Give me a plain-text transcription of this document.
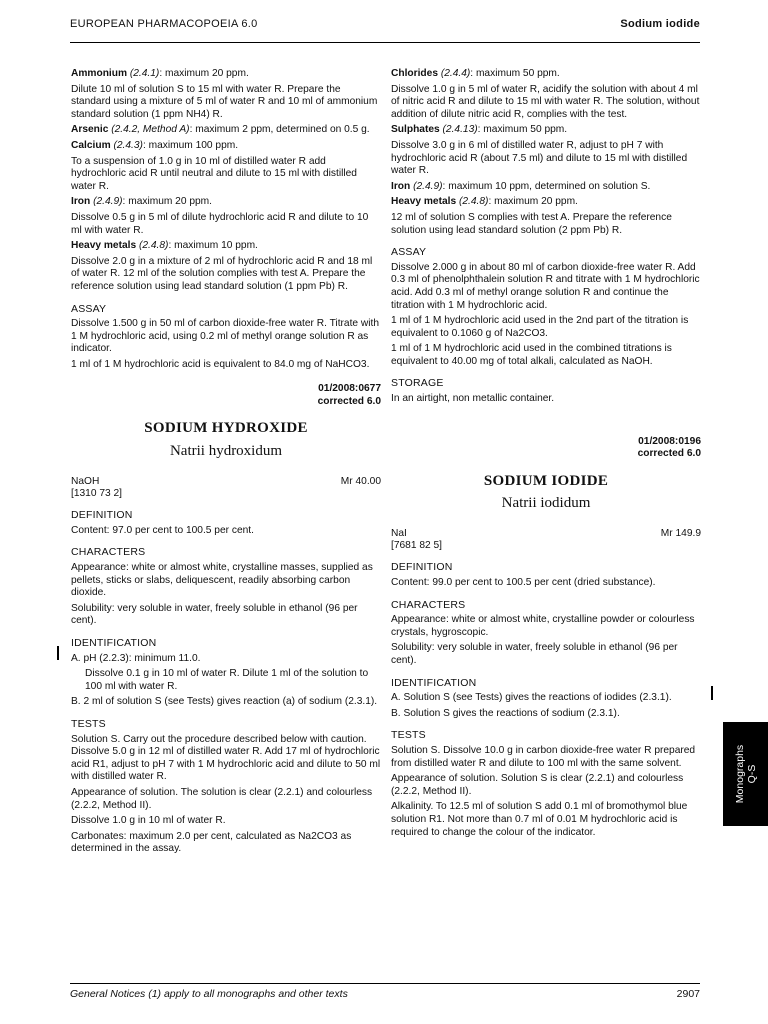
EUROPEAN PHARMACOPOEIA 6.0	Sodium iodide

Ammonium (2.4.1): maximum 20 ppm.

Dilute 10 ml of solution S to 15 ml with water R. Prepare the standard using a mixture of 5 ml of water R and 10 ml of ammonium standard solution (1 ppm NH4) R.

Arsenic (2.4.2, Method A): maximum 2 ppm, determined on 0.5 g.

Calcium (2.4.3): maximum 100 ppm.

To a suspension of 1.0 g in 10 ml of distilled water R add hydrochloric acid R until neutral and dilute to 15 ml with distilled water R.

Iron (2.4.9): maximum 20 ppm.

Dissolve 0.5 g in 5 ml of dilute hydrochloric acid R and dilute to 10 ml with water R.

Heavy metals (2.4.8): maximum 10 ppm.

Dissolve 2.0 g in a mixture of 2 ml of hydrochloric acid R and 18 ml of water R. 12 ml of the solution complies with test A. Prepare the reference solution using lead standard solution (1 ppm Pb) R.

ASSAY

Dissolve 1.500 g in 50 ml of carbon dioxide-free water R. Titrate with 1 M hydrochloric acid, using 0.2 ml of methyl orange solution R as indicator.

1 ml of 1 M hydrochloric acid is equivalent to 84.0 mg of NaHCO3.

01/2008:0677
corrected 6.0
SODIUM HYDROXIDE
Natrii hydroxidum
NaOH	Mr 40.00

[1310 73 2]

DEFINITION

Content: 97.0 per cent to 100.5 per cent.

CHARACTERS

Appearance: white or almost white, crystalline masses, supplied as pellets, sticks or slabs, deliquescent, readily absorbing carbon dioxide.

Solubility: very soluble in water, freely soluble in ethanol (96 per cent).

IDENTIFICATION

A. pH (2.2.3): minimum 11.0.

Dissolve 0.1 g in 10 ml of water R. Dilute 1 ml of the solution to 100 ml with water R.

B. 2 ml of solution S (see Tests) gives reaction (a) of sodium (2.3.1).

TESTS

Solution S. Carry out the procedure described below with caution. Dissolve 5.0 g in 12 ml of distilled water R. Add 17 ml of hydrochloric acid R1, adjust to pH 7 with 1 M hydrochloric acid and dilute to 50 ml with distilled water R.

Appearance of solution. The solution is clear (2.2.1) and colourless (2.2.2, Method II).

Dissolve 1.0 g in 10 ml of water R.

Carbonates: maximum 2.0 per cent, calculated as Na2CO3 as determined in the assay.

Chlorides (2.4.4): maximum 50 ppm.

Dissolve 1.0 g in 5 ml of water R, acidify the solution with about 4 ml of nitric acid R and dilute to 15 ml with water R. The solution, without addition of dilute nitric acid R, complies with the test.

Sulphates (2.4.13): maximum 50 ppm.

Dissolve 3.0 g in 6 ml of distilled water R, adjust to pH 7 with hydrochloric acid R (about 7.5 ml) and dilute to 15 ml with distilled water R.

Iron (2.4.9): maximum 10 ppm, determined on solution S.

Heavy metals (2.4.8): maximum 20 ppm.

12 ml of solution S complies with test A. Prepare the reference solution using lead standard solution (2 ppm Pb) R.

ASSAY

Dissolve 2.000 g in about 80 ml of carbon dioxide-free water R. Add 0.3 ml of phenolphthalein solution R and titrate with 1 M hydrochloric acid. Add 0.3 ml of methyl orange solution R and continue the titration with 1 M hydrochloric acid.

1 ml of 1 M hydrochloric acid used in the 2nd part of the titration is equivalent to 0.1060 g of Na2CO3.

1 ml of 1 M hydrochloric acid used in the combined titrations is equivalent to 40.00 mg of total alkali, calculated as NaOH.

STORAGE

In an airtight, non metallic container.

01/2008:0196
corrected 6.0
SODIUM IODIDE
Natrii iodidum
NaI	Mr 149.9

[7681 82 5]

DEFINITION

Content: 99.0 per cent to 100.5 per cent (dried substance).

CHARACTERS

Appearance: white or almost white, crystalline powder or colourless crystals, hygroscopic.

Solubility: very soluble in water, freely soluble in ethanol (96 per cent).

IDENTIFICATION

A. Solution S (see Tests) gives the reactions of iodides (2.3.1).

B. Solution S gives the reactions of sodium (2.3.1).

TESTS

Solution S. Dissolve 10.0 g in carbon dioxide-free water R prepared from distilled water R and dilute to 100 ml with the same solvent.

Appearance of solution. Solution S is clear (2.2.1) and colourless (2.2.2, Method II).

Alkalinity. To 12.5 ml of solution S add 0.1 ml of bromothymol blue solution R1. Not more than 0.7 ml of 0.01 M hydrochloric acid is required to change the colour of the indicator.

Monographs Q-S
General Notices (1) apply to all monographs and other texts	2907
